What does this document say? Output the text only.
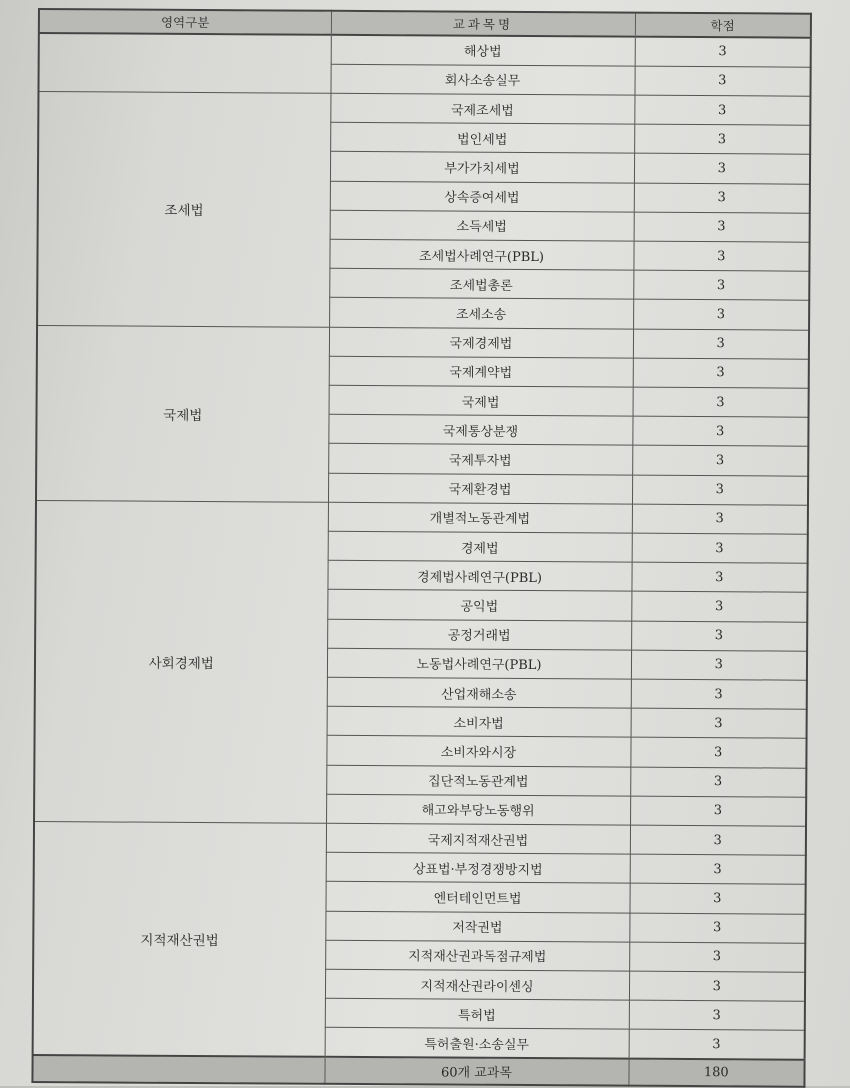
영역구분	교과목명	학점
	해상법	3
	회사소송실무	3
조세법	국제조세법	3
	법인세법	3
	부가가치세법	3
	상속증여세법	3
	소득세법	3
	조세법사례연구(PBL)	3
	조세법총론	3
	조세소송	3
국제법	국제경제법	3
	국제계약법	3
	국제법	3
	국제통상분쟁	3
	국제투자법	3
	국제환경법	3
사회경제법	개별적노동관계법	3
	경제법	3
	경제법사례연구(PBL)	3
	공익법	3
	공정거래법	3
	노동법사례연구(PBL)	3
	산업재해소송	3
	소비자법	3
	소비자와시장	3
	집단적노동관계법	3
	해고와부당노동행위	3
지적재산권법	국제지적재산권법	3
	상표법·부정경쟁방지법	3
	엔터테인먼트법	3
	저작권법	3
	지적재산권과독점규제법	3
	지적재산권라이센싱	3
	특허법	3
	특허출원·소송실무	3
	60개 교과목	180
